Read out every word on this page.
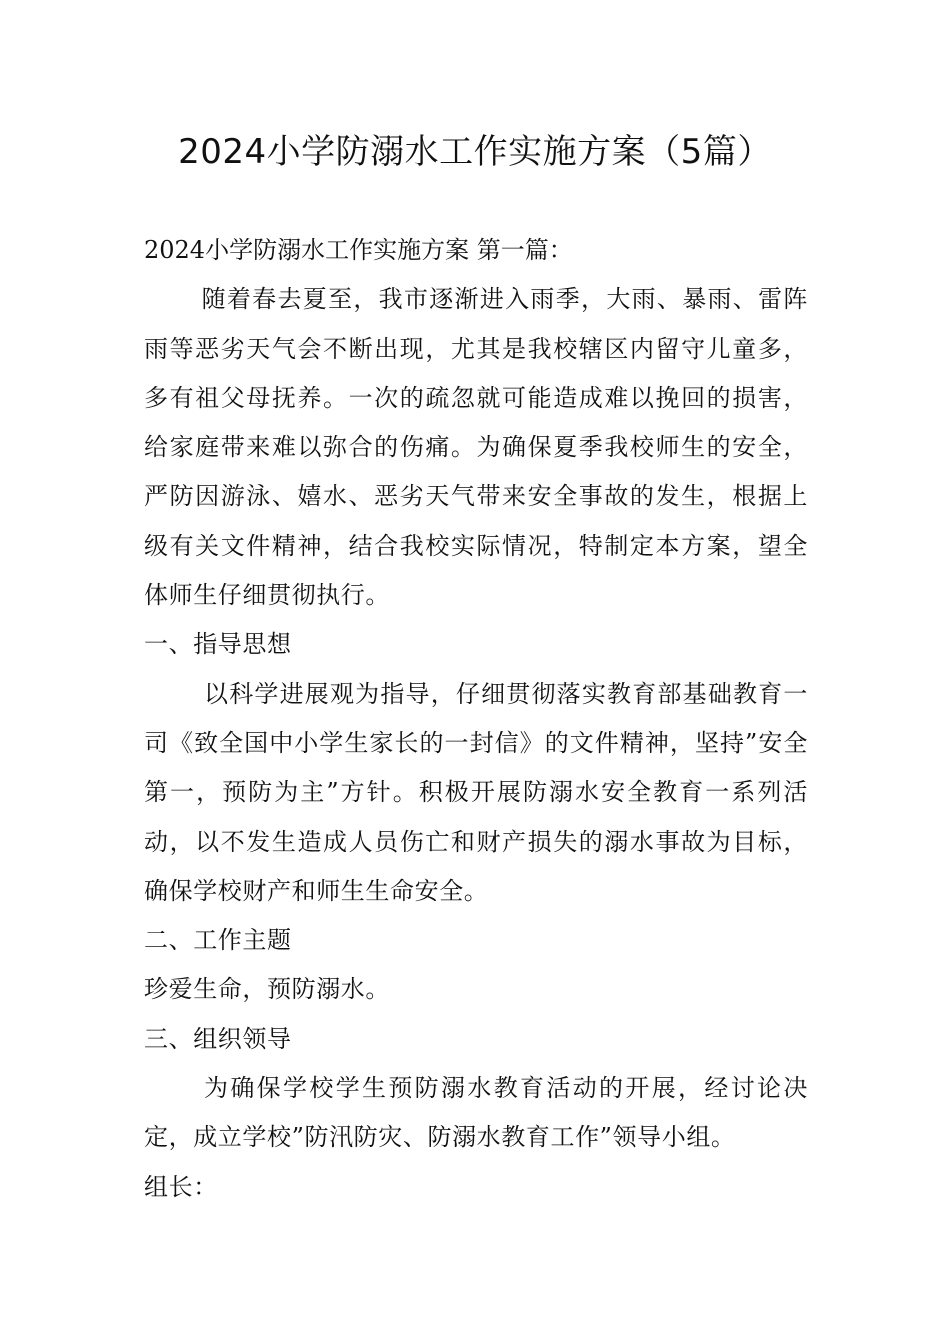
2024小学防溺水工作实施方案（5篇）

2024小学防溺水工作实施方案 第一篇：

随着春去夏至，我市逐渐进入雨季，大雨、暴雨、雷阵雨等恶劣天气会不断出现，尤其是我校辖区内留守儿童多，多有祖父母抚养。一次的疏忽就可能造成难以挽回的损害，给家庭带来难以弥合的伤痛。为确保夏季我校师生的安全，严防因游泳、嬉水、恶劣天气带来安全事故的发生，根据上级有关文件精神，结合我校实际情况，特制定本方案，望全体师生仔细贯彻执行。

一、指导思想

以科学进展观为指导，仔细贯彻落实教育部基础教育一司《致全国中小学生家长的一封信》的文件精神，坚持”安全第一，预防为主”方针。积极开展防溺水安全教育一系列活动，以不发生造成人员伤亡和财产损失的溺水事故为目标，确保学校财产和师生生命安全。

二、工作主题

珍爱生命，预防溺水。

三、组织领导

为确保学校学生预防溺水教育活动的开展，经讨论决定，成立学校”防汛防灾、防溺水教育工作”领导小组。

组长：
